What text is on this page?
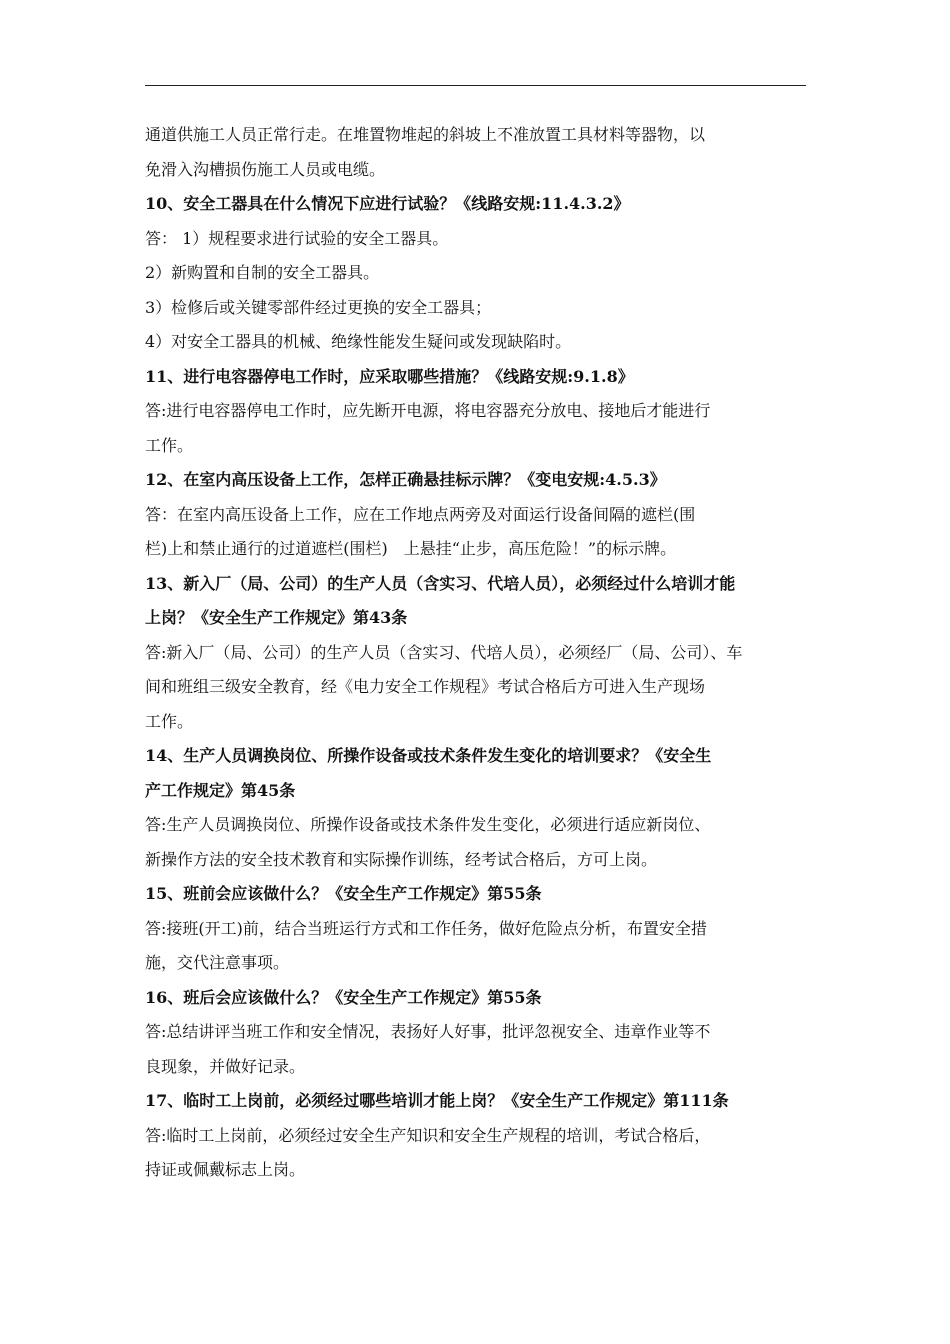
通道供施工人员正常行走。在堆置物堆起的斜坡上不准放置工具材料等器物，以
免滑入沟槽损伤施工人员或电缆。
10、安全工器具在什么情况下应进行试验？《线路安规:11.4.3.2》
答： 1）规程要求进行试验的安全工器具。
2）新购置和自制的安全工器具。
3）检修后或关键零部件经过更换的安全工器具；
4）对安全工器具的机械、绝缘性能发生疑问或发现缺陷时。
11、进行电容器停电工作时，应采取哪些措施？《线路安规:9.1.8》
答:进行电容器停电工作时，应先断开电源，将电容器充分放电、接地后才能进行
工作。
12、在室内高压设备上工作，怎样正确悬挂标示牌？《变电安规:4.5.3》
答：在室内高压设备上工作，应在工作地点两旁及对面运行设备间隔的遮栏(围
栏)上和禁止通行的过道遮栏(围栏)　上悬挂“止步，高压危险！”的标示牌。
13、新入厂（局、公司）的生产人员（含实习、代培人员），必须经过什么培训才能
上岗？《安全生产工作规定》第43条
答:新入厂（局、公司）的生产人员（含实习、代培人员），必须经厂（局、公司）、车
间和班组三级安全教育，经《电力安全工作规程》考试合格后方可进入生产现场
工作。
14、生产人员调换岗位、所操作设备或技术条件发生变化的培训要求？《安全生
产工作规定》第45条
答:生产人员调换岗位、所操作设备或技术条件发生变化，必须进行适应新岗位、
新操作方法的安全技术教育和实际操作训练，经考试合格后，方可上岗。
15、班前会应该做什么？《安全生产工作规定》第55条
答:接班(开工)前，结合当班运行方式和工作任务，做好危险点分析，布置安全措
施，交代注意事项。
16、班后会应该做什么？《安全生产工作规定》第55条
答:总结讲评当班工作和安全情况，表扬好人好事，批评忽视安全、违章作业等不
良现象，并做好记录。
17、临时工上岗前，必须经过哪些培训才能上岗？《安全生产工作规定》第111条
答:临时工上岗前，必须经过安全生产知识和安全生产规程的培训，考试合格后，
持证或佩戴标志上岗。
